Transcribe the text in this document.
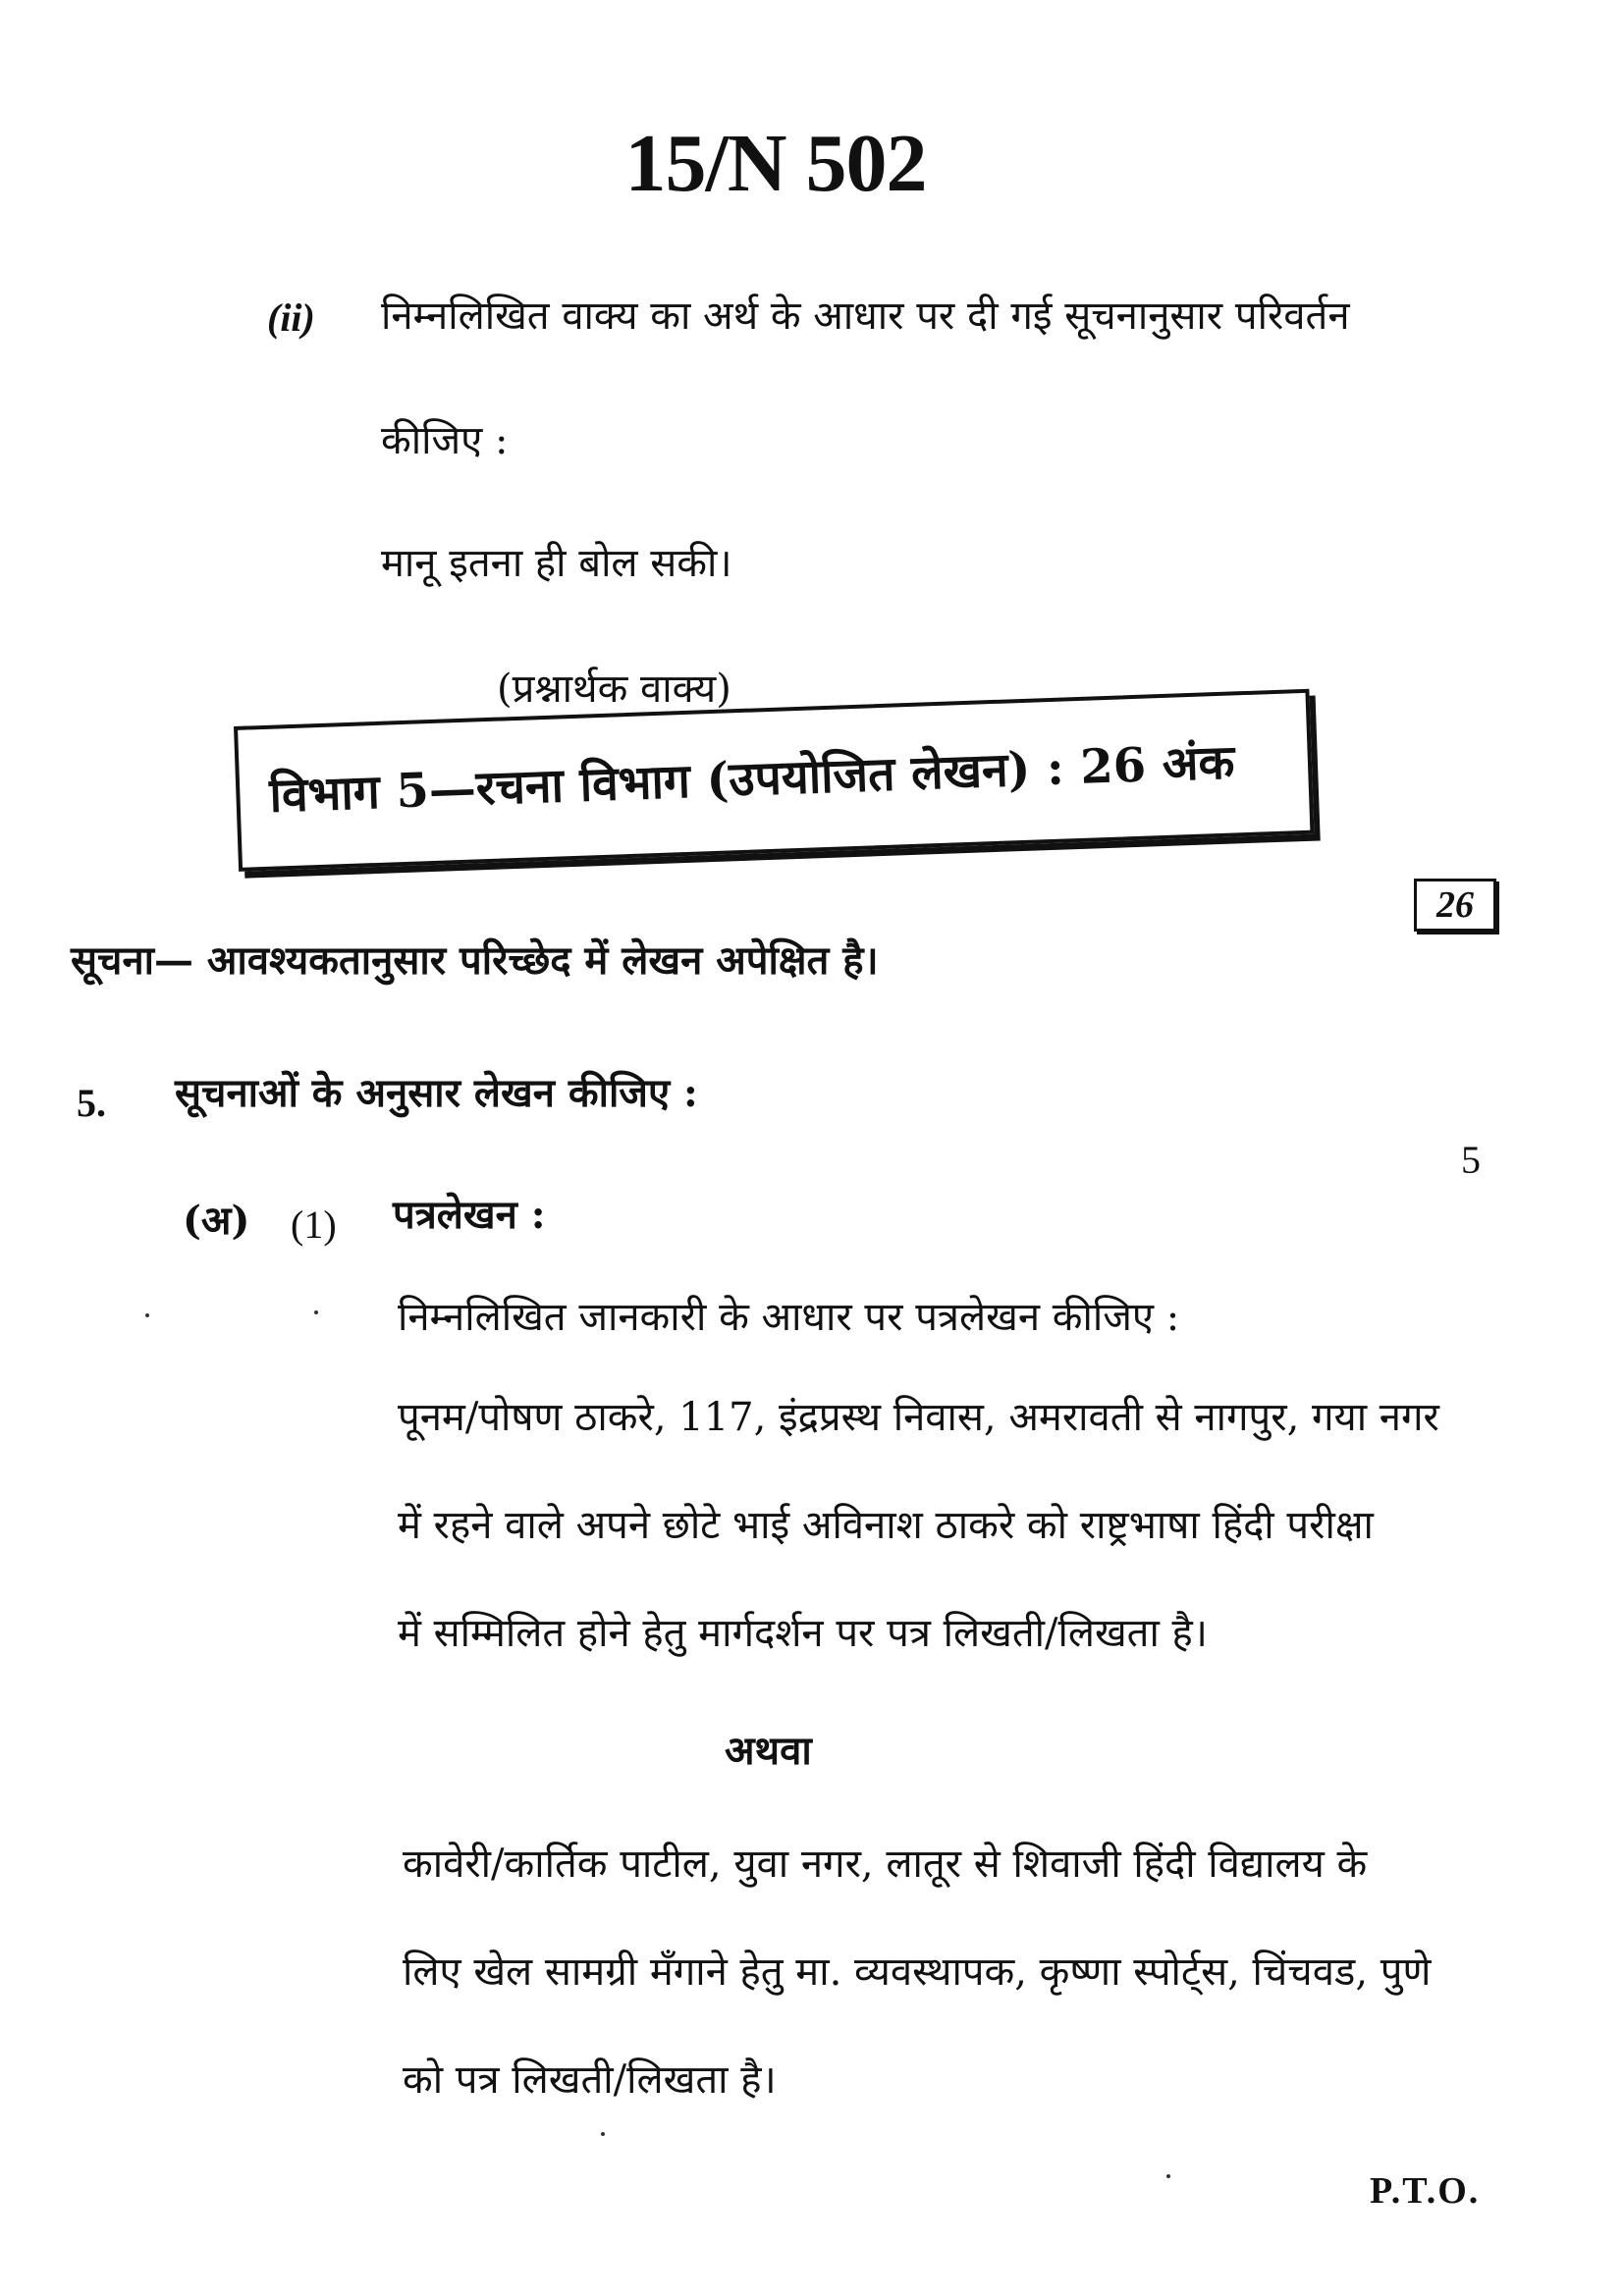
15/N 502
(ii) निम्नलिखित वाक्य का अर्थ के आधार पर दी गई सूचनानुसार परिवर्तन
कीजिए :
मानू इतना ही बोल सकी।
(प्रश्नार्थक वाक्य)
विभाग 5—रचना विभाग (उपयोजित लेखन) : 26 अंक
26
सूचना— आवश्यकतानुसार परिच्छेद में लेखन अपेक्षित है।
5. सूचनाओं के अनुसार लेखन कीजिए :
5
(अ) (1) पत्रलेखन :
निम्नलिखित जानकारी के आधार पर पत्रलेखन कीजिए :
पूनम/पोषण ठाकरे, 117, इंद्रप्रस्थ निवास, अमरावती से नागपुर, गया नगर
में रहने वाले अपने छोटे भाई अविनाश ठाकरे को राष्ट्रभाषा हिंदी परीक्षा
में सम्मिलित होने हेतु मार्गदर्शन पर पत्र लिखती/लिखता है।
अथवा
कावेरी/कार्तिक पाटील, युवा नगर, लातूर से शिवाजी हिंदी विद्यालय के
लिए खेल सामग्री मँगाने हेतु मा. व्यवस्थापक, कृष्णा स्पोर्ट्स, चिंचवड, पुणे
को पत्र लिखती/लिखता है।
P.T.O.
